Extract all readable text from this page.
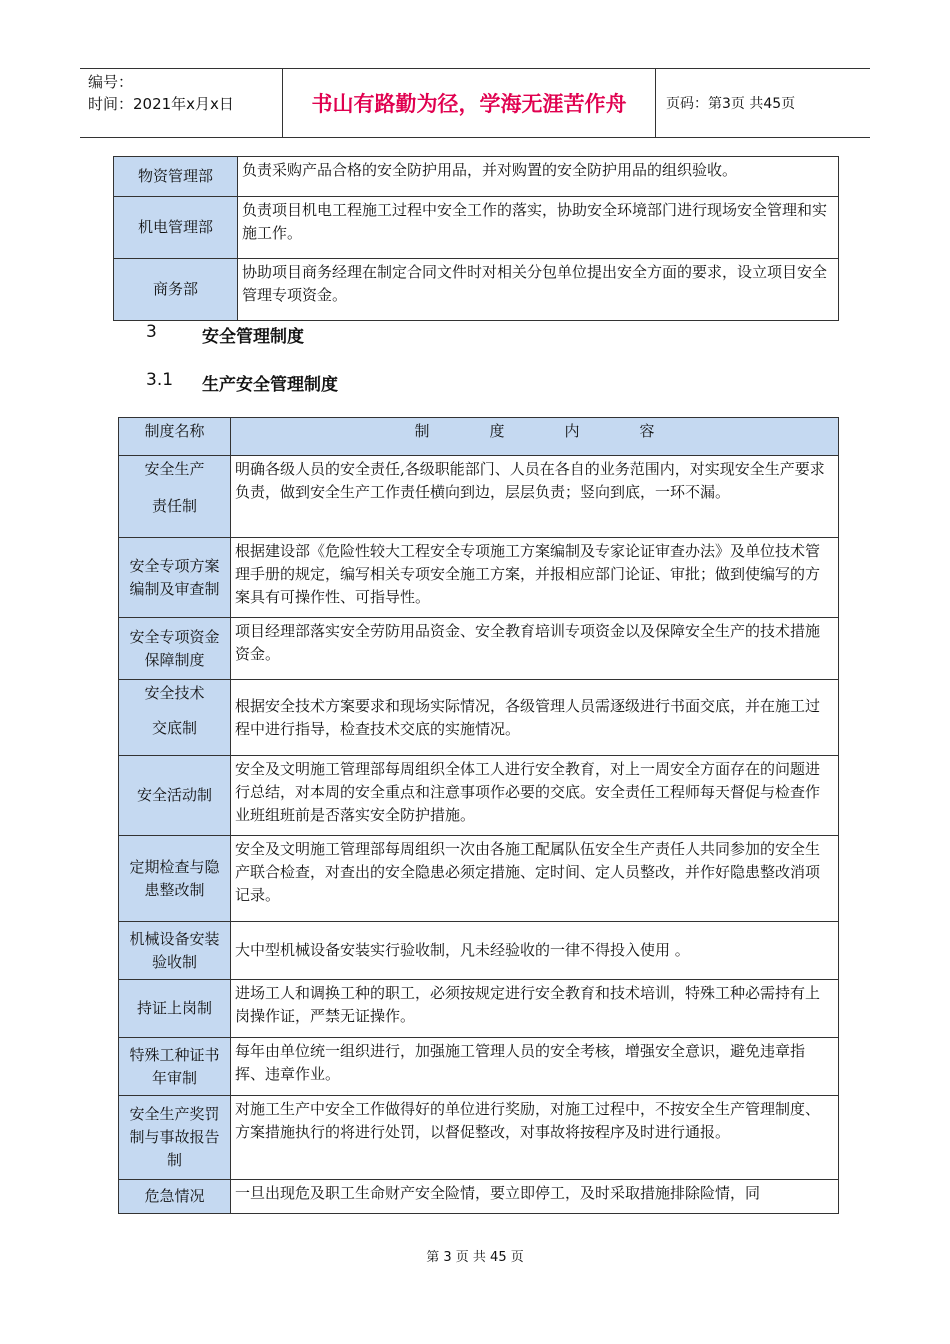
编号：
时间：2021年x月x日	书山有路勤为径，学海无涯苦作舟	页码：第3页 共45页
物资管理部	负责采购产品合格的安全防护用品，并对购置的安全防护用品的组织验收。
机电管理部	负责项目机电工程施工过程中安全工作的落实，协助安全环境部门进行现场安全管理和实施工作。
商务部	协助项目商务经理在制定合同文件时对相关分包单位提出安全方面的要求，设立项目安全管理专项资金。
3	安全管理制度
3.1 生产安全管理制度
制度名称	制 度 内 容

安全生产
责任制	明确各级人员的安全责任,各级职能部门、人员在各自的业务范围内，对实现安全生产要求负责，做到安全生产工作责任横向到边，层层负责；竖向到底，一环不漏。

安全专项方案
编制及审查制	根据建设部《危险性较大工程安全专项施工方案编制及专家论证审查办法》及单位技术管理手册的规定，编写相关专项安全施工方案，并报相应部门论证、审批；做到使编写的方案具有可操作性、可指导性。

安全专项资金
保障制度	项目经理部落实安全劳防用品资金、安全教育培训专项资金以及保障安全生产的技术措施资金。

安全技术
交底制	根据安全技术方案要求和现场实际情况，各级管理人员需逐级进行书面交底，并在施工过程中进行指导，检查技术交底的实施情况。
安全活动制	安全及文明施工管理部每周组织全体工人进行安全教育，对上一周安全方面存在的问题进行总结，对本周的安全重点和注意事项作必要的交底。安全责任工程师每天督促与检查作业班组班前是否落实安全防护措施。

定期检查与隐
患整改制	安全及文明施工管理部每周组织一次由各施工配属队伍安全生产责任人共同参加的安全生产联合检查，对查出的安全隐患必须定措施、定时间、定人员整改，并作好隐患整改消项记录。

机械设备安装
验收制	大中型机械设备安装实行验收制，凡未经验收的一律不得投入使用 。
持证上岗制	进场工人和调换工种的职工，必须按规定进行安全教育和技术培训，特殊工种必需持有上岗操作证，严禁无证操作。

特殊工种证书
年审制	每年由单位统一组织进行，加强施工管理人员的安全考核，增强安全意识，避免违章指挥、违章作业。

安全生产奖罚
制与事故报告
制	对施工生产中安全工作做得好的单位进行奖励，对施工过程中，不按安全生产管理制度、方案措施执行的将进行处罚，以督促整改，对事故将按程序及时进行通报。
危急情况	一旦出现危及职工生命财产安全险情，要立即停工，及时采取措施排除险情，同
第 3 页 共 45 页
